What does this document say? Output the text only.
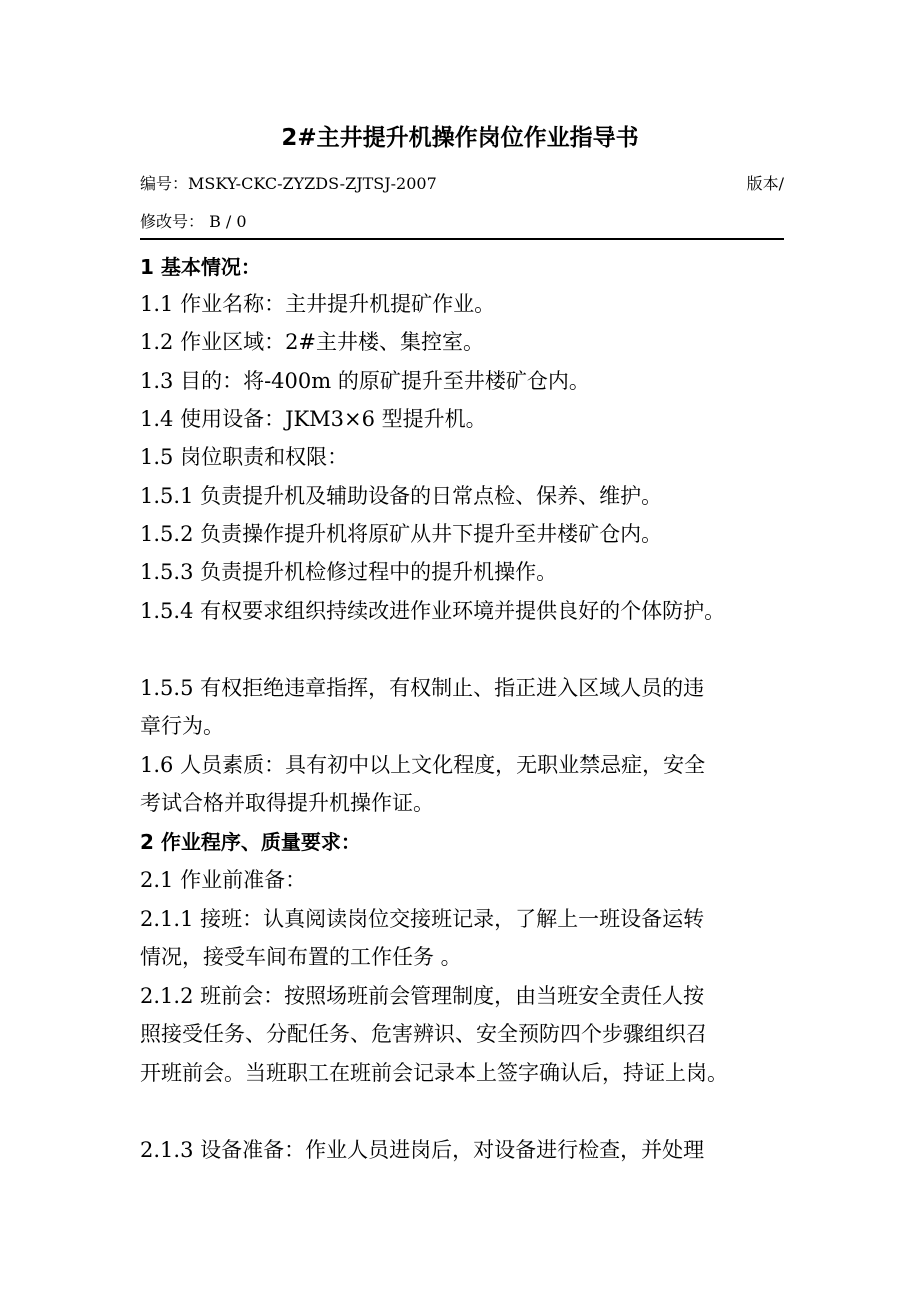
2#主井提升机操作岗位作业指导书
编号：MSKY-CKC-ZYZDS-ZJTSJ-2007	版本/
修改号： B / 0
1 基本情况：
1.1 作业名称：主井提升机提矿作业。
1.2 作业区域：2#主井楼、集控室。
1.3 目的：将-400m 的原矿提升至井楼矿仓内。
1.4 使用设备：JKM3×6 型提升机。
1.5 岗位职责和权限：
1.5.1 负责提升机及辅助设备的日常点检、保养、维护。
1.5.2 负责操作提升机将原矿从井下提升至井楼矿仓内。
1.5.3 负责提升机检修过程中的提升机操作。
1.5.4 有权要求组织持续改进作业环境并提供良好的个体防护。
1.5.5 有权拒绝违章指挥，有权制止、指正进入区域人员的违
章行为。
1.6 人员素质：具有初中以上文化程度，无职业禁忌症，安全
考试合格并取得提升机操作证。
2 作业程序、质量要求：
2.1 作业前准备：
2.1.1 接班：认真阅读岗位交接班记录，了解上一班设备运转
情况，接受车间布置的工作任务 。
2.1.2 班前会：按照场班前会管理制度，由当班安全责任人按
照接受任务、分配任务、危害辨识、安全预防四个步骤组织召
开班前会。当班职工在班前会记录本上签字确认后，持证上岗。
2.1.3 设备准备：作业人员进岗后，对设备进行检查，并处理
